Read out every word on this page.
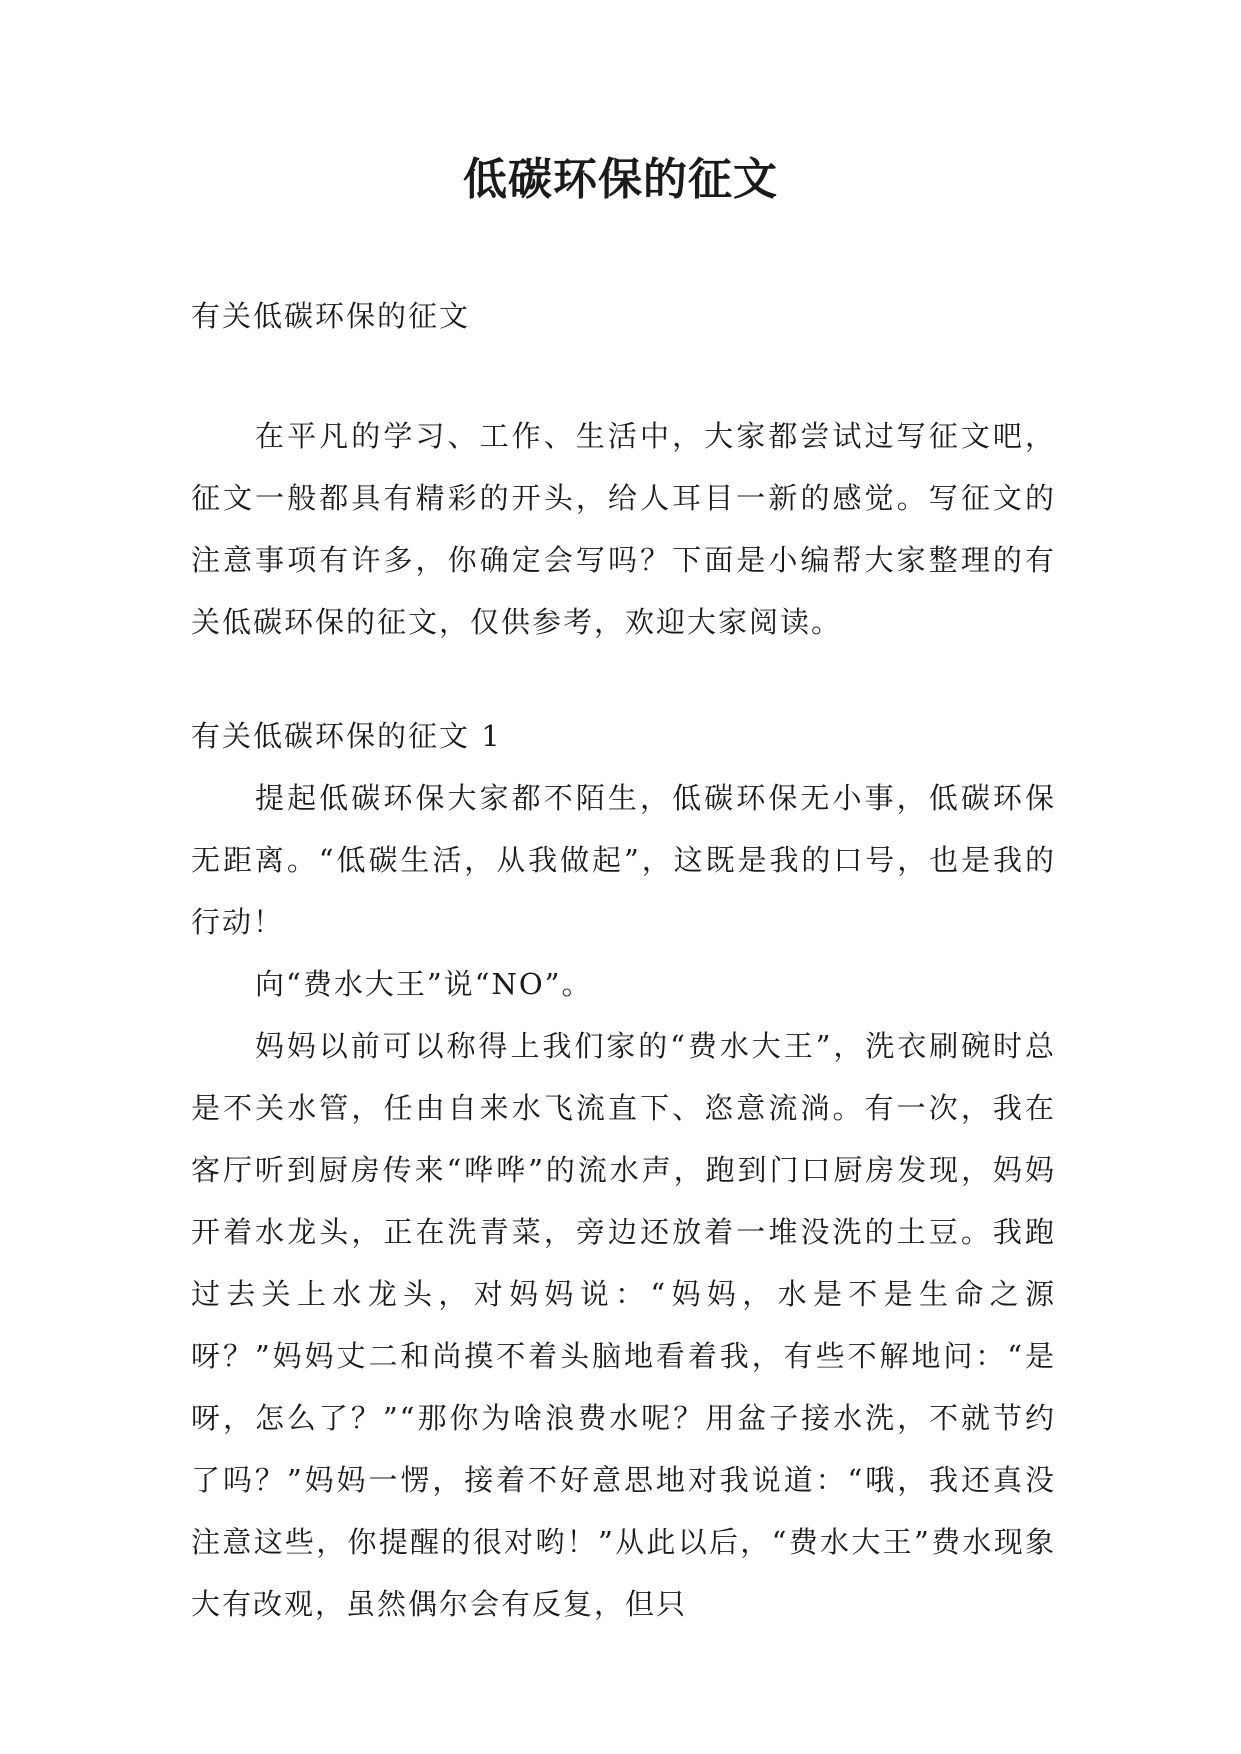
低碳环保的征文

有关低碳环保的征文

在平凡的学习、工作、生活中，大家都尝试过写征文吧，征文一般都具有精彩的开头，给人耳目一新的感觉。写征文的注意事项有许多，你确定会写吗？下面是小编帮大家整理的有关低碳环保的征文，仅供参考，欢迎大家阅读。

有关低碳环保的征文 1

提起低碳环保大家都不陌生，低碳环保无小事，低碳环保无距离。“低碳生活，从我做起”，这既是我的口号，也是我的行动！

向“费水大王”说“NO”。

妈妈以前可以称得上我们家的“费水大王”，洗衣刷碗时总是不关水管，任由自来水飞流直下、恣意流淌。有一次，我在客厅听到厨房传来“哗哗”的流水声，跑到门口厨房发现，妈妈开着水龙头，正在洗青菜，旁边还放着一堆没洗的土豆。我跑过去关上水龙头，对妈妈说：“妈妈，水是不是生命之源呀？”妈妈丈二和尚摸不着头脑地看着我，有些不解地问：“是呀，怎么了？”“那你为啥浪费水呢？用盆子接水洗，不就节约了吗？”妈妈一愣，接着不好意思地对我说道：“哦，我还真没注意这些，你提醒的很对哟！”从此以后，“费水大王”费水现象大有改观，虽然偶尔会有反复，但只
